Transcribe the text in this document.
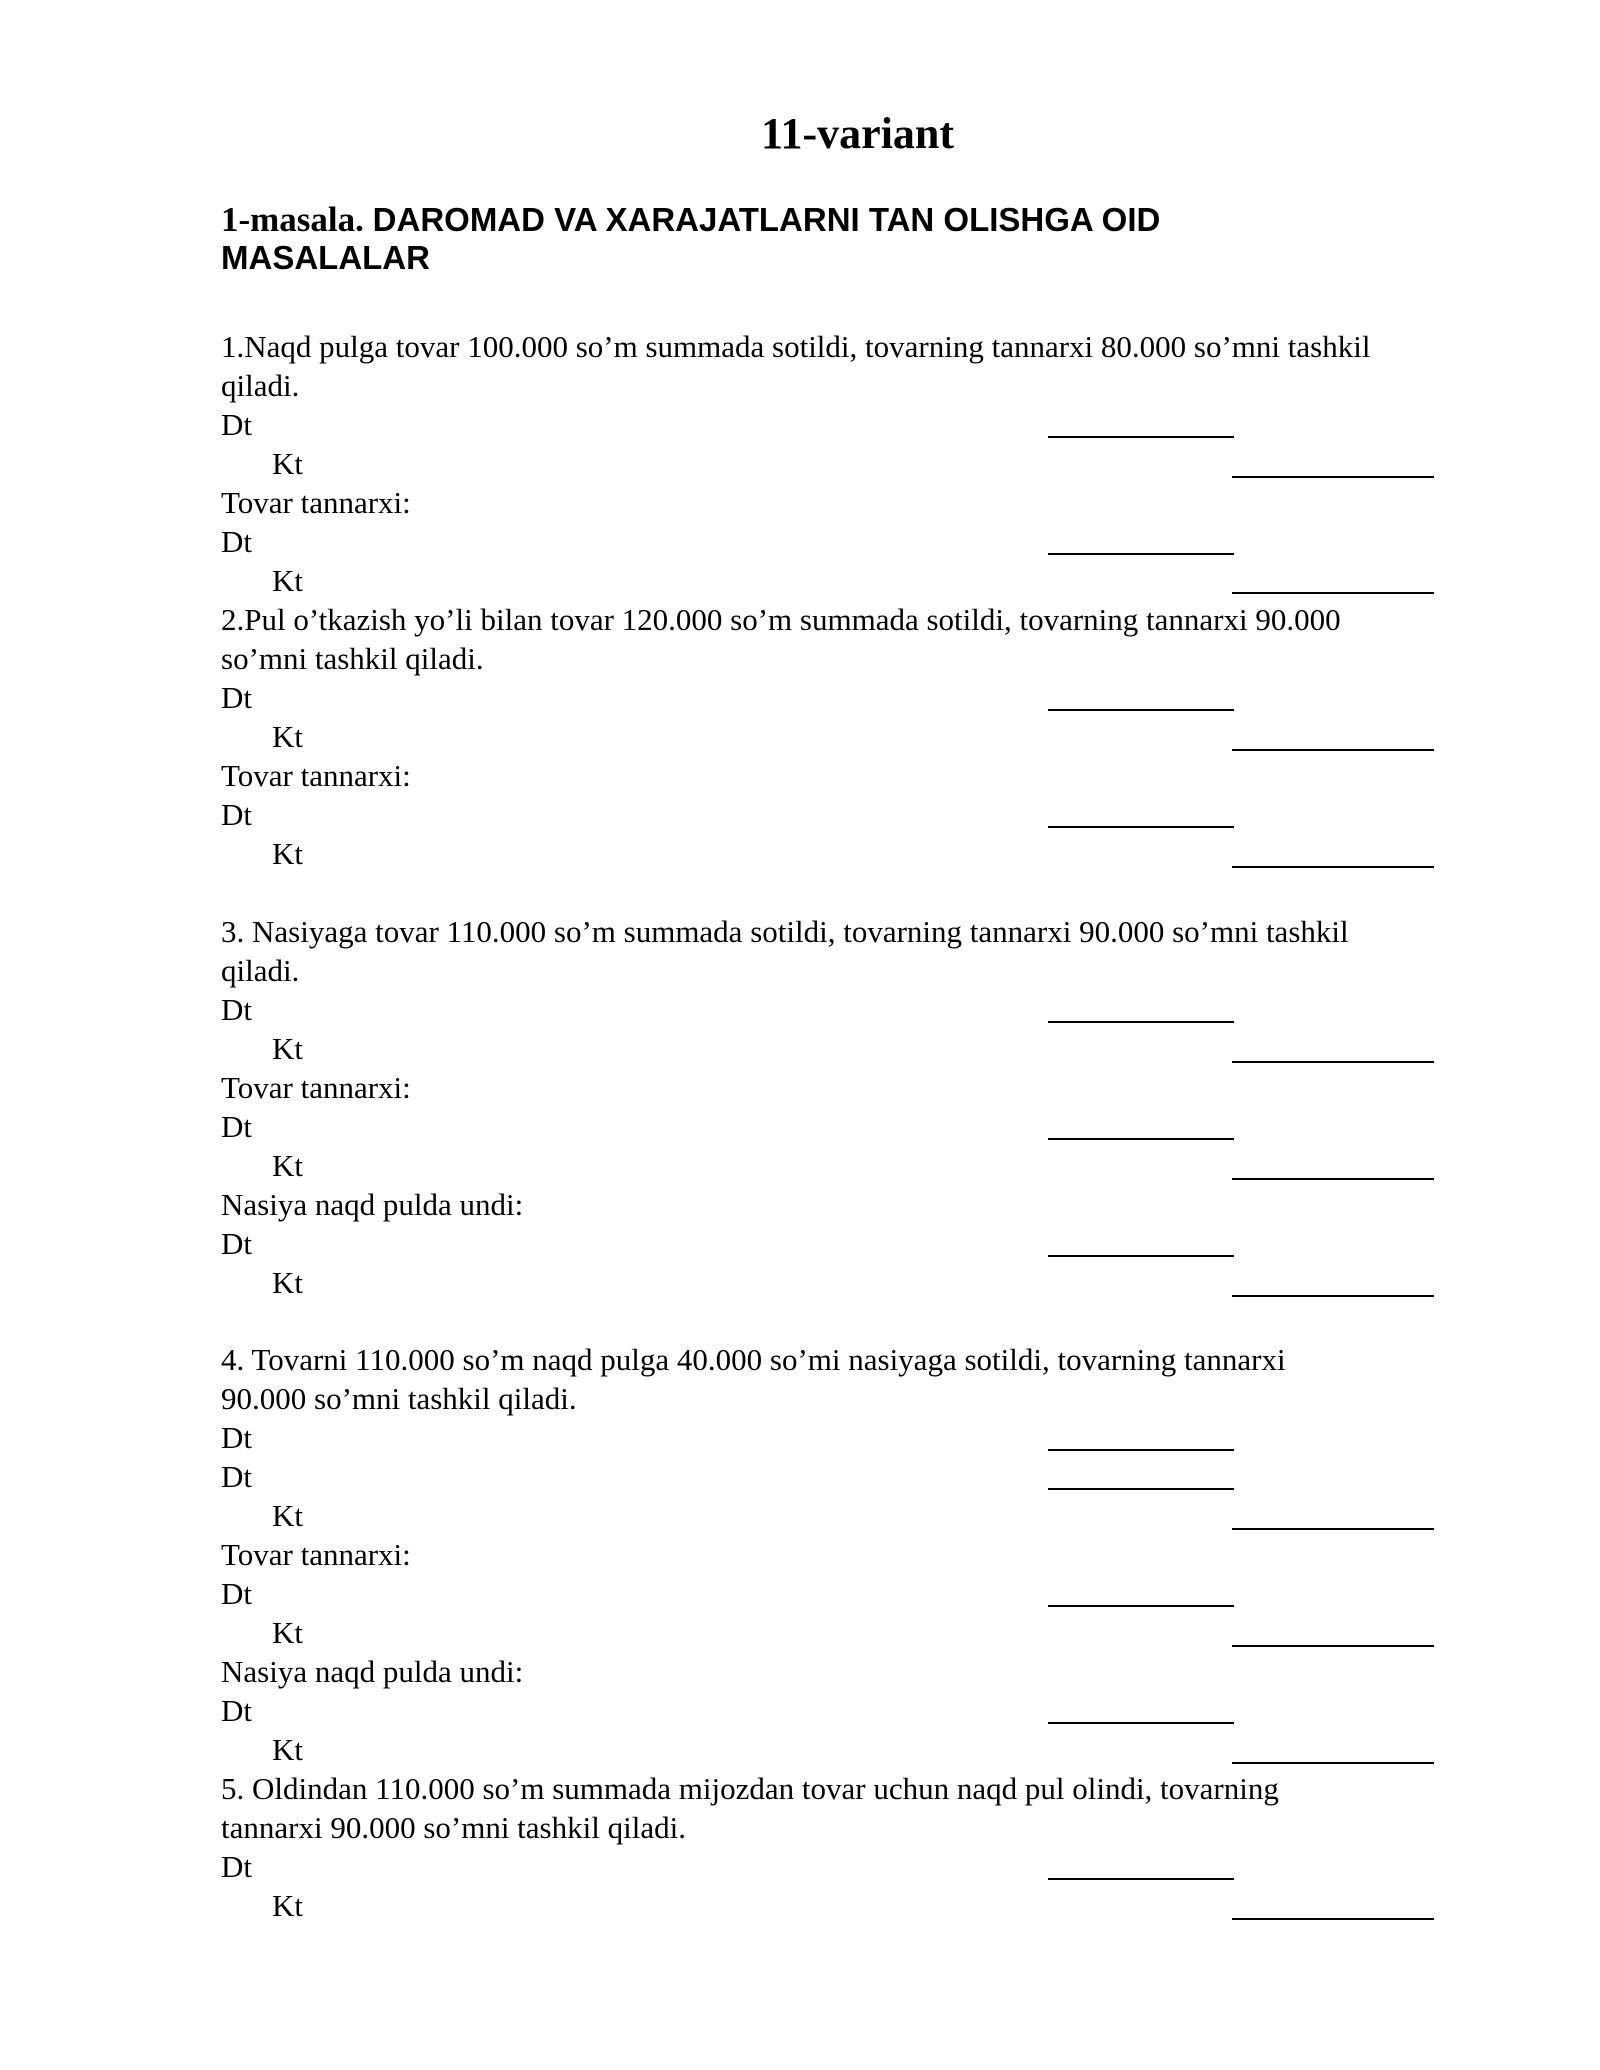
11-variant
1-masala. DAROMAD VA XARAJATLARNI TAN OLISHGA OID
MASALALAR
1.Naqd pulga tovar 100.000 so’m summada sotildi, tovarning tannarxi 80.000 so’mni tashkil
qiladi.
Dt
Kt
Tovar tannarxi:
Dt
Kt
2.Pul o’tkazish yo’li bilan tovar 120.000 so’m summada sotildi, tovarning tannarxi 90.000
so’mni tashkil qiladi.
Dt
Kt
Tovar tannarxi:
Dt
Kt
3. Nasiyaga tovar 110.000 so’m summada sotildi, tovarning tannarxi 90.000 so’mni tashkil
qiladi.
Dt
Kt
Tovar tannarxi:
Dt
Kt
Nasiya naqd pulda undi:
Dt
Kt
4. Tovarni 110.000 so’m naqd pulga 40.000 so’mi nasiyaga sotildi, tovarning tannarxi
90.000 so’mni tashkil qiladi.
Dt
Dt
Kt
Tovar tannarxi:
Dt
Kt
Nasiya naqd pulda undi:
Dt
Kt
5. Oldindan 110.000 so’m summada mijozdan tovar uchun naqd pul olindi, tovarning
tannarxi 90.000 so’mni tashkil qiladi.
Dt
Kt
